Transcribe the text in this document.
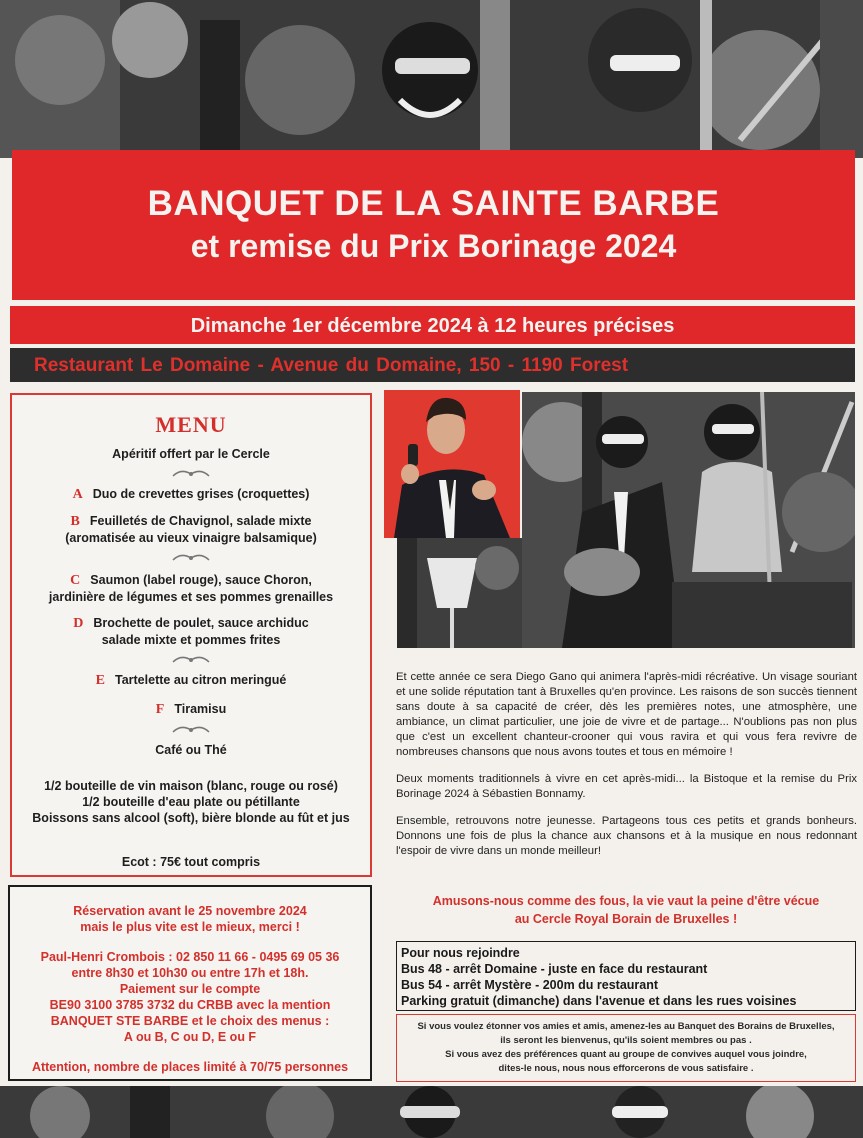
BANQUET DE LA SAINTE BARBE
et remise du Prix Borinage 2024
Dimanche 1er décembre 2024 à 12 heures précises
Restaurant Le Domaine - Avenue du Domaine, 150 - 1190 Forest
MENU
Apéritif offert par le Cercle
A Duo de crevettes grises (croquettes)
B Feuilletés de Chavignol, salade mixte
(aromatisée au vieux vinaigre balsamique)
C Saumon (label rouge), sauce Choron,
jardinière de légumes et ses pommes grenailles
D Brochette de poulet, sauce archiduc
salade mixte et pommes frites
E Tartelette au citron meringué
F Tiramisu
Café ou Thé
1/2 bouteille de vin maison (blanc, rouge ou rosé)
1/2 bouteille d'eau plate ou pétillante
Boissons sans alcool (soft), bière blonde au fût et jus
Ecot : 75€ tout compris
Réservation avant le 25 novembre 2024
mais le plus vite est le mieux, merci !
Paul-Henri Crombois : 02 850 11 66 - 0495 69 05 36
entre 8h30 et 10h30 ou entre 17h et 18h.
Paiement sur le compte
BE90 3100 3785 3732 du CRBB avec la mention
BANQUET STE BARBE et le choix des menus :
A ou B, C ou D, E ou F
Attention, nombre de places limité à 70/75 personnes

Et cette année ce sera Diego Gano qui animera l'après-midi récréative. Un visage souriant et une solide réputation tant à Bruxelles qu'en province. Les raisons de son succès tiennent sans doute à sa capacité de créer, dès les premières notes, une atmosphère, une ambiance, un climat particulier, une joie de vivre et de partage... N'oublions pas non plus que c'est un excellent chanteur-crooner qui vous ravira et qui vous fera revivre de nombreuses chansons que nous avons toutes et tous en mémoire !

Deux moments traditionnels à vivre en cet après-midi... la Bistoque et la remise du Prix Borinage 2024 à Sébastien Bonnamy.

Ensemble, retrouvons notre jeunesse. Partageons tous ces petits et grands bonheurs. Donnons une fois de plus la chance aux chansons et à la musique en nous redonnant l'espoir de vivre dans un monde meilleur!

Amusons-nous comme des fous, la vie vaut la peine d'être vécue
au Cercle Royal Borain de Bruxelles !
Pour nous rejoindre
Bus 48 - arrêt Domaine - juste en face du restaurant
Bus 54 - arrêt Mystère - 200m du restaurant
Parking gratuit (dimanche) dans l'avenue et dans les rues voisines
Si vous voulez étonner vos amies et amis, amenez-les au Banquet des Borains de Bruxelles,
ils seront les bienvenus, qu'ils soient membres ou pas .
Si vous avez des préférences quant au groupe de convives auquel vous joindre,
dites-le nous, nous nous efforcerons de vous satisfaire .
